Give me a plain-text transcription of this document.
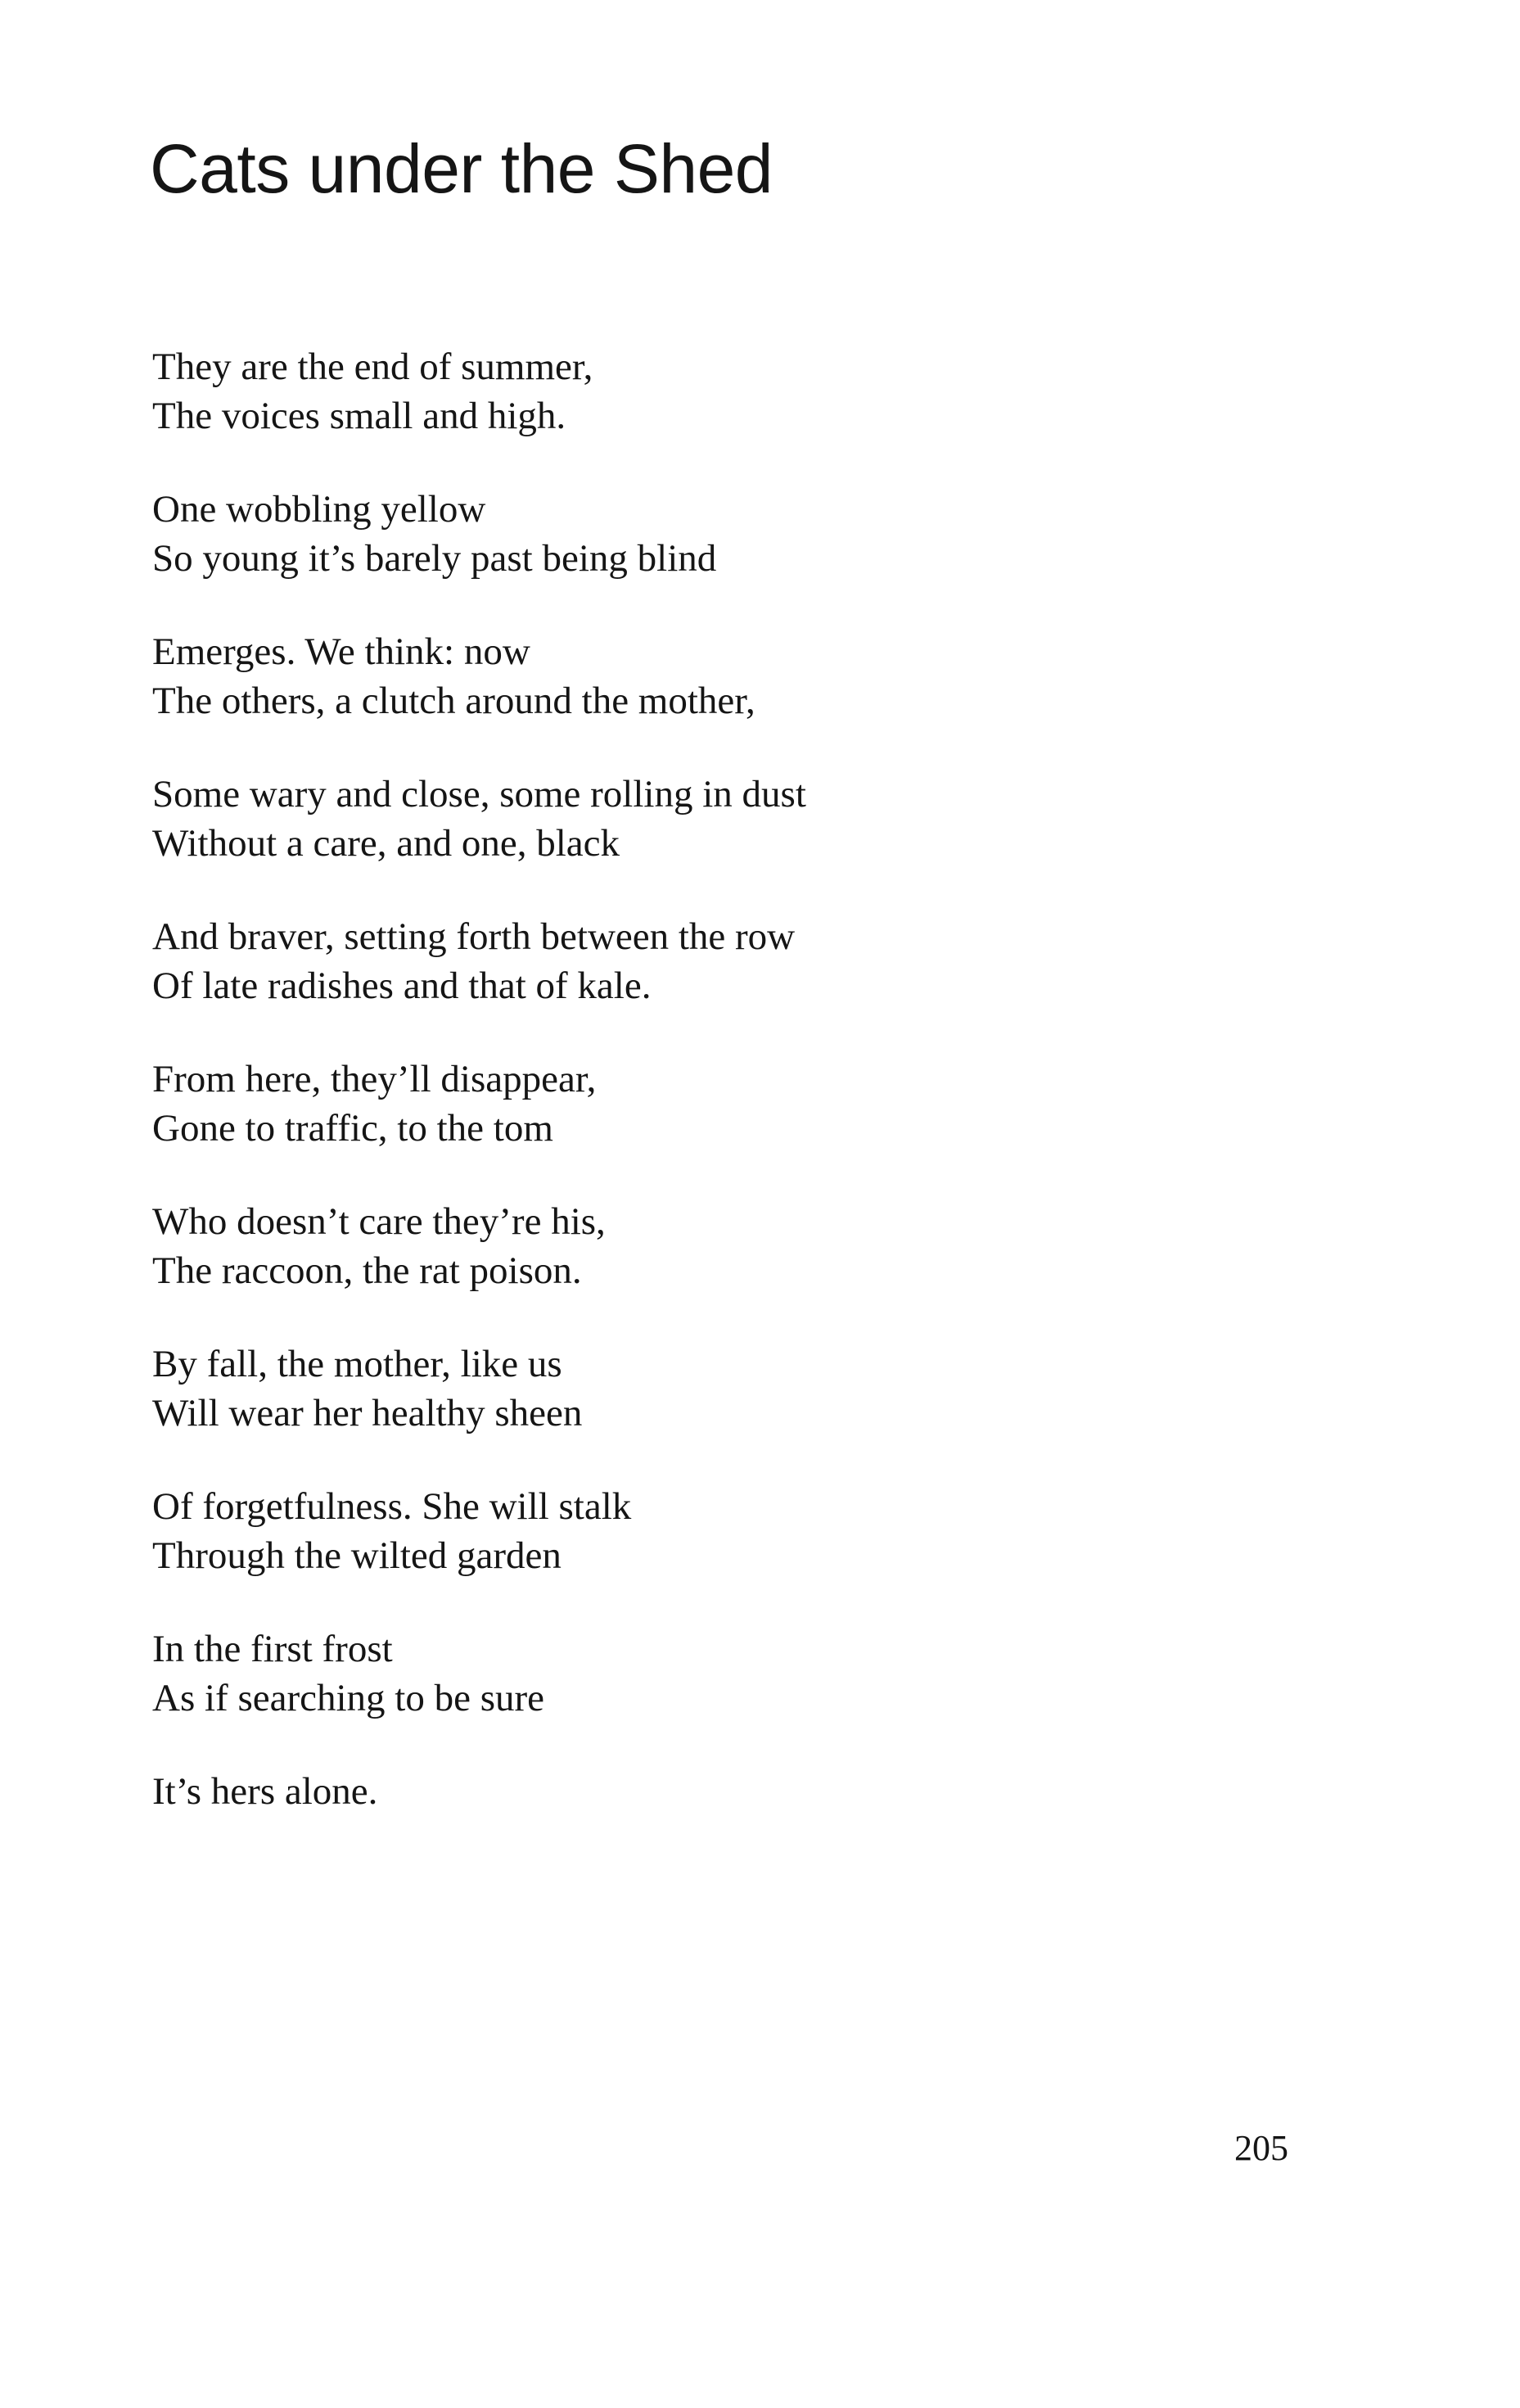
Cats under the Shed

They are the end of summer,
The voices small and high.

One wobbling yellow
So young it’s barely past being blind

Emerges. We think: now
The others, a clutch around the mother,

Some wary and close, some rolling in dust
Without a care, and one, black

And braver, setting forth between the row
Of late radishes and that of kale.

From here, they’ll disappear,
Gone to traffic, to the tom

Who doesn’t care they’re his,
The raccoon, the rat poison.

By fall, the mother, like us
Will wear her healthy sheen

Of forgetfulness. She will stalk
Through the wilted garden

In the first frost
As if searching to be sure

It’s hers alone.

205
